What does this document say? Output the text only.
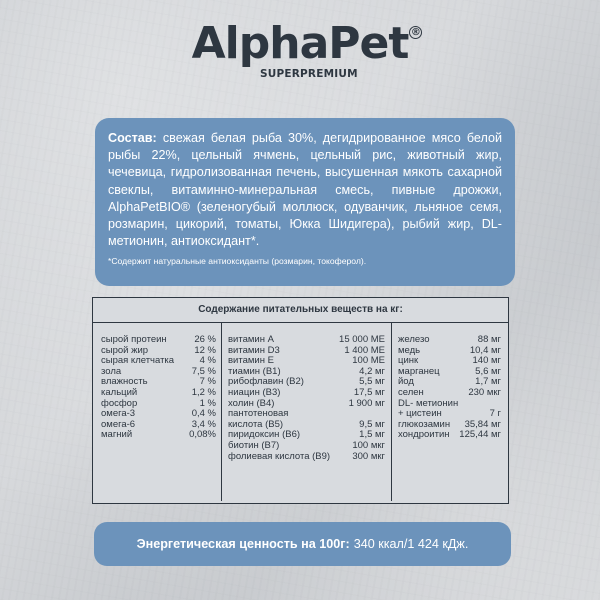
AlphaPet ®
SUPERPREMIUM

Состав: свежая белая рыба 30%, дегидрированное мясо белой рыбы 22%, цельный ячмень, цельный рис, животный жир, чечевица, гидролизованная печень, высушенная мякоть сахарной свеклы, витаминно-минеральная смесь, пивные дрожжи, AlphaPetBIO® (зеленогубый моллюск, одуванчик, льняное семя, розмарин, цикорий, томаты, Юкка Шидигера), рыбий жир, DL-метионин, антиоксидант*.

*Содержит натуральные антиоксиданты (розмарин, токоферол).
Содержание питательных веществ на кг:
сырой протеин	26 %
сырой жир	12 %
сырая клетчатка	4 %
зола	7,5 %
влажность	7 %
кальций	1,2 %
фосфор	1 %
омега-3	0,4 %
омега-6	3,4 %
магний	0,08%
витамин А	15 000 МЕ
витамин D3	1 400 МЕ
витамин Е	100 МЕ
тиамин (В1)	4,2 мг
рибофлавин (В2)	5,5 мг
ниацин (В3)	17,5 мг
холин (В4)	1 900 мг
пантотеновая
кислота (В5)	9,5 мг
пиридоксин (В6)	1,5 мг
биотин (В7)	100 мкг
фолиевая кислота (В9) 300 мкг
железо	88 мг
медь	10,4 мг
цинк	140 мг
марганец	5,6 мг
йод	1,7 мг
селен	230 мкг
DL- метионин
+ цистеин	7 г
глюкозамин 35,84 мг
хондроитин 125,44 мг
Энергетическая ценность на 100г: 340 ккал/1 424 кДж.
